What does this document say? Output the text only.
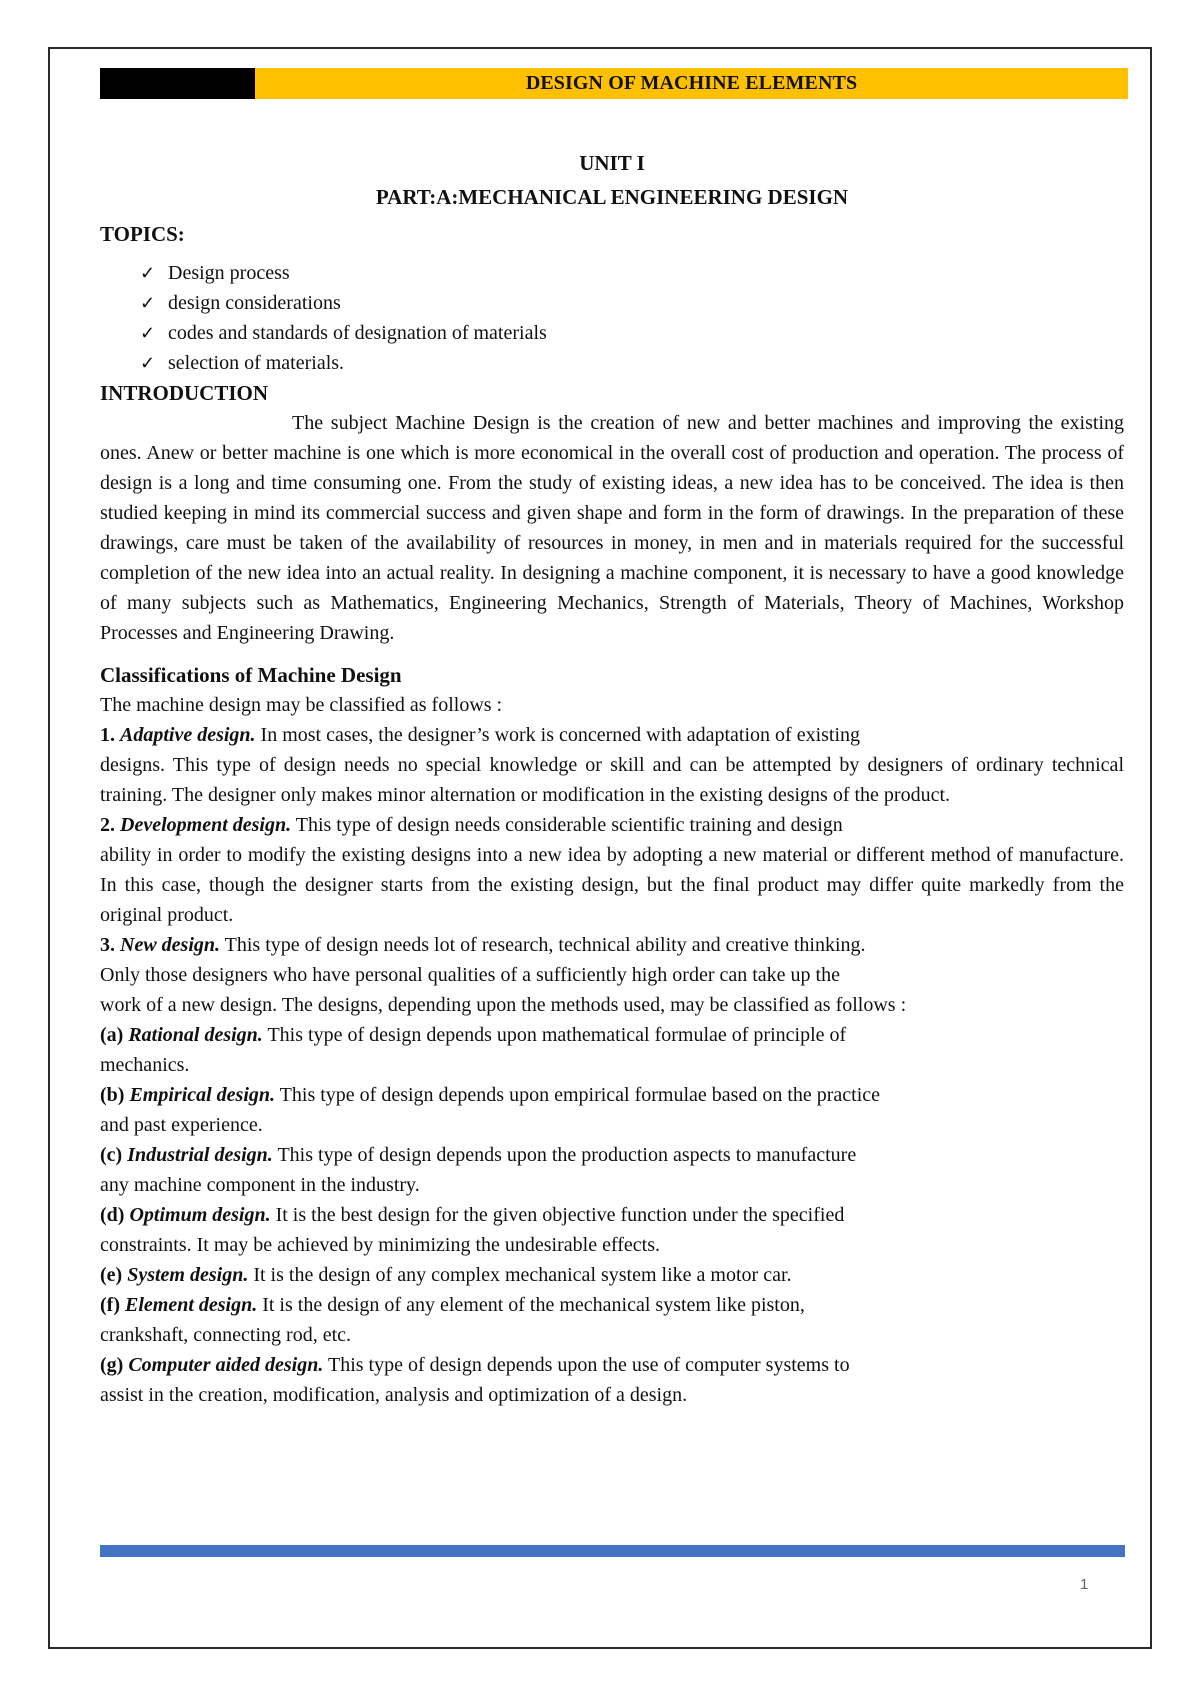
DESIGN OF MACHINE ELEMENTS
UNIT I
PART:A:MECHANICAL ENGINEERING DESIGN
TOPICS:
✓ Design process
✓ design considerations
✓ codes and standards of designation of materials
✓ selection of materials.
INTRODUCTION

The subject Machine Design is the creation of new and better machines and improving the existing ones. Anew or better machine is one which is more economical in the overall cost of production and operation. The process of design is a long and time consuming one. From the study of existing ideas, a new idea has to be conceived. The idea is then studied keeping in mind its commercial success and given shape and form in the form of drawings. In the preparation of these drawings, care must be taken of the availability of resources in money, in men and in materials required for the successful completion of the new idea into an actual reality. In designing a machine component, it is necessary to have a good knowledge of many subjects such as Mathematics, Engineering Mechanics, Strength of Materials, Theory of Machines, Workshop Processes and Engineering Drawing.

Classifications of Machine Design

The machine design may be classified as follows :

1. Adaptive design. In most cases, the designer’s work is concerned with adaptation of existing

designs. This type of design needs no special knowledge or skill and can be attempted by designers of ordinary technical training. The designer only makes minor alternation or modification in the existing designs of the product.

2. Development design. This type of design needs considerable scientific training and design

ability in order to modify the existing designs into a new idea by adopting a new material or different method of manufacture. In this case, though the designer starts from the existing design, but the final product may differ quite markedly from the original product.

3. New design. This type of design needs lot of research, technical ability and creative thinking.

Only those designers who have personal qualities of a sufficiently high order can take up the

work of a new design. The designs, depending upon the methods used, may be classified as follows :

(a) Rational design. This type of design depends upon mathematical formulae of principle of

mechanics.

(b) Empirical design. This type of design depends upon empirical formulae based on the practice

and past experience.

(c) Industrial design. This type of design depends upon the production aspects to manufacture

any machine component in the industry.

(d) Optimum design. It is the best design for the given objective function under the specified

constraints. It may be achieved by minimizing the undesirable effects.

(e) System design. It is the design of any complex mechanical system like a motor car.

(f) Element design. It is the design of any element of the mechanical system like piston,

crankshaft, connecting rod, etc.

(g) Computer aided design. This type of design depends upon the use of computer systems to

assist in the creation, modification, analysis and optimization of a design.

1
